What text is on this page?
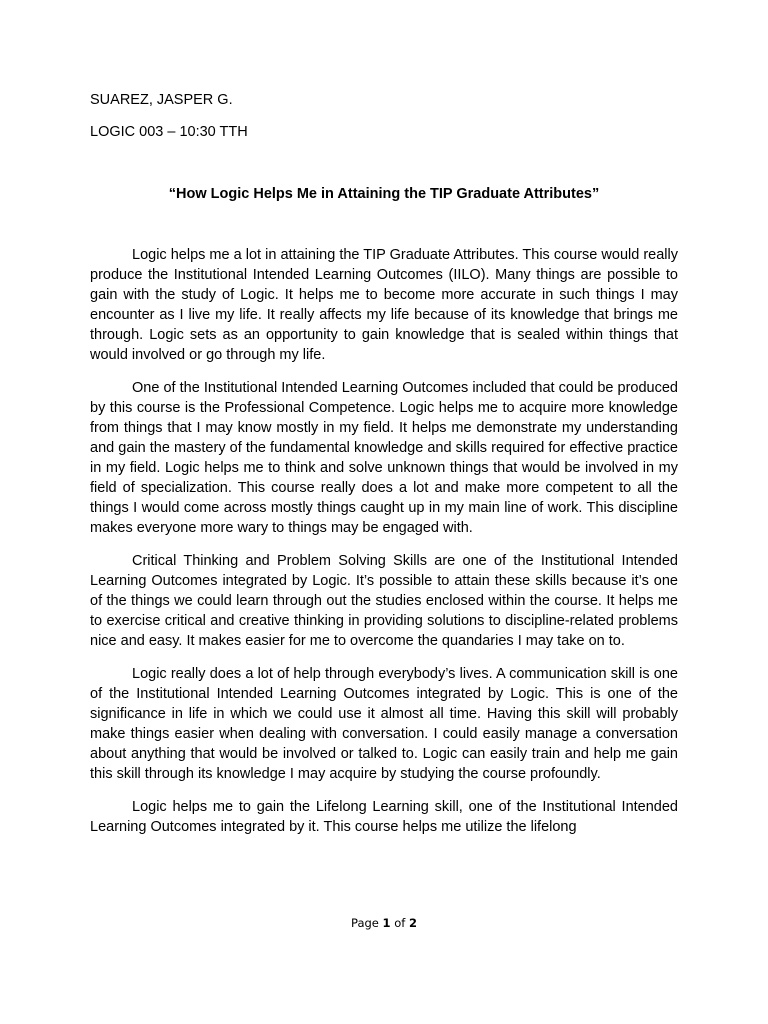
SUAREZ, JASPER G.

LOGIC 003 – 10:30 TTH

“How Logic Helps Me in Attaining the TIP Graduate Attributes”

Logic helps me a lot in attaining the TIP Graduate Attributes. This course would really produce the Institutional Intended Learning Outcomes (IILO). Many things are possible to gain with the study of Logic. It helps me to become more accurate in such things I may encounter as I live my life. It really affects my life because of its knowledge that brings me through. Logic sets as an opportunity to gain knowledge that is sealed within things that would involved or go through my life.

One of the Institutional Intended Learning Outcomes included that could be produced by this course is the Professional Competence. Logic helps me to acquire more knowledge from things that I may know mostly in my field. It helps me demonstrate my understanding and gain the mastery of the fundamental knowledge and skills required for effective practice in my field. Logic helps me to think and solve unknown things that would be involved in my field of specialization. This course really does a lot and make more competent to all the things I would come across mostly things caught up in my main line of work. This discipline makes everyone more wary to things may be engaged with.

Critical Thinking and Problem Solving Skills are one of the Institutional Intended Learning Outcomes integrated by Logic. It’s possible to attain these skills because it’s one of the things we could learn through out the studies enclosed within the course. It helps me to exercise critical and creative thinking in providing solutions to discipline-related problems nice and easy. It makes easier for me to overcome the quandaries I may take on to.

Logic really does a lot of help through everybody’s lives. A communication skill is one of the Institutional Intended Learning Outcomes integrated by Logic. This is one of the significance in life in which we could use it almost all time. Having this skill will probably make things easier when dealing with conversation. I could easily manage a conversation about anything that would be involved or talked to. Logic can easily train and help me gain this skill through its knowledge I may acquire by studying the course profoundly.

Logic helps me to gain the Lifelong Learning skill, one of the Institutional Intended Learning Outcomes integrated by it. This course helps me utilize the lifelong

Page 1 of 2
